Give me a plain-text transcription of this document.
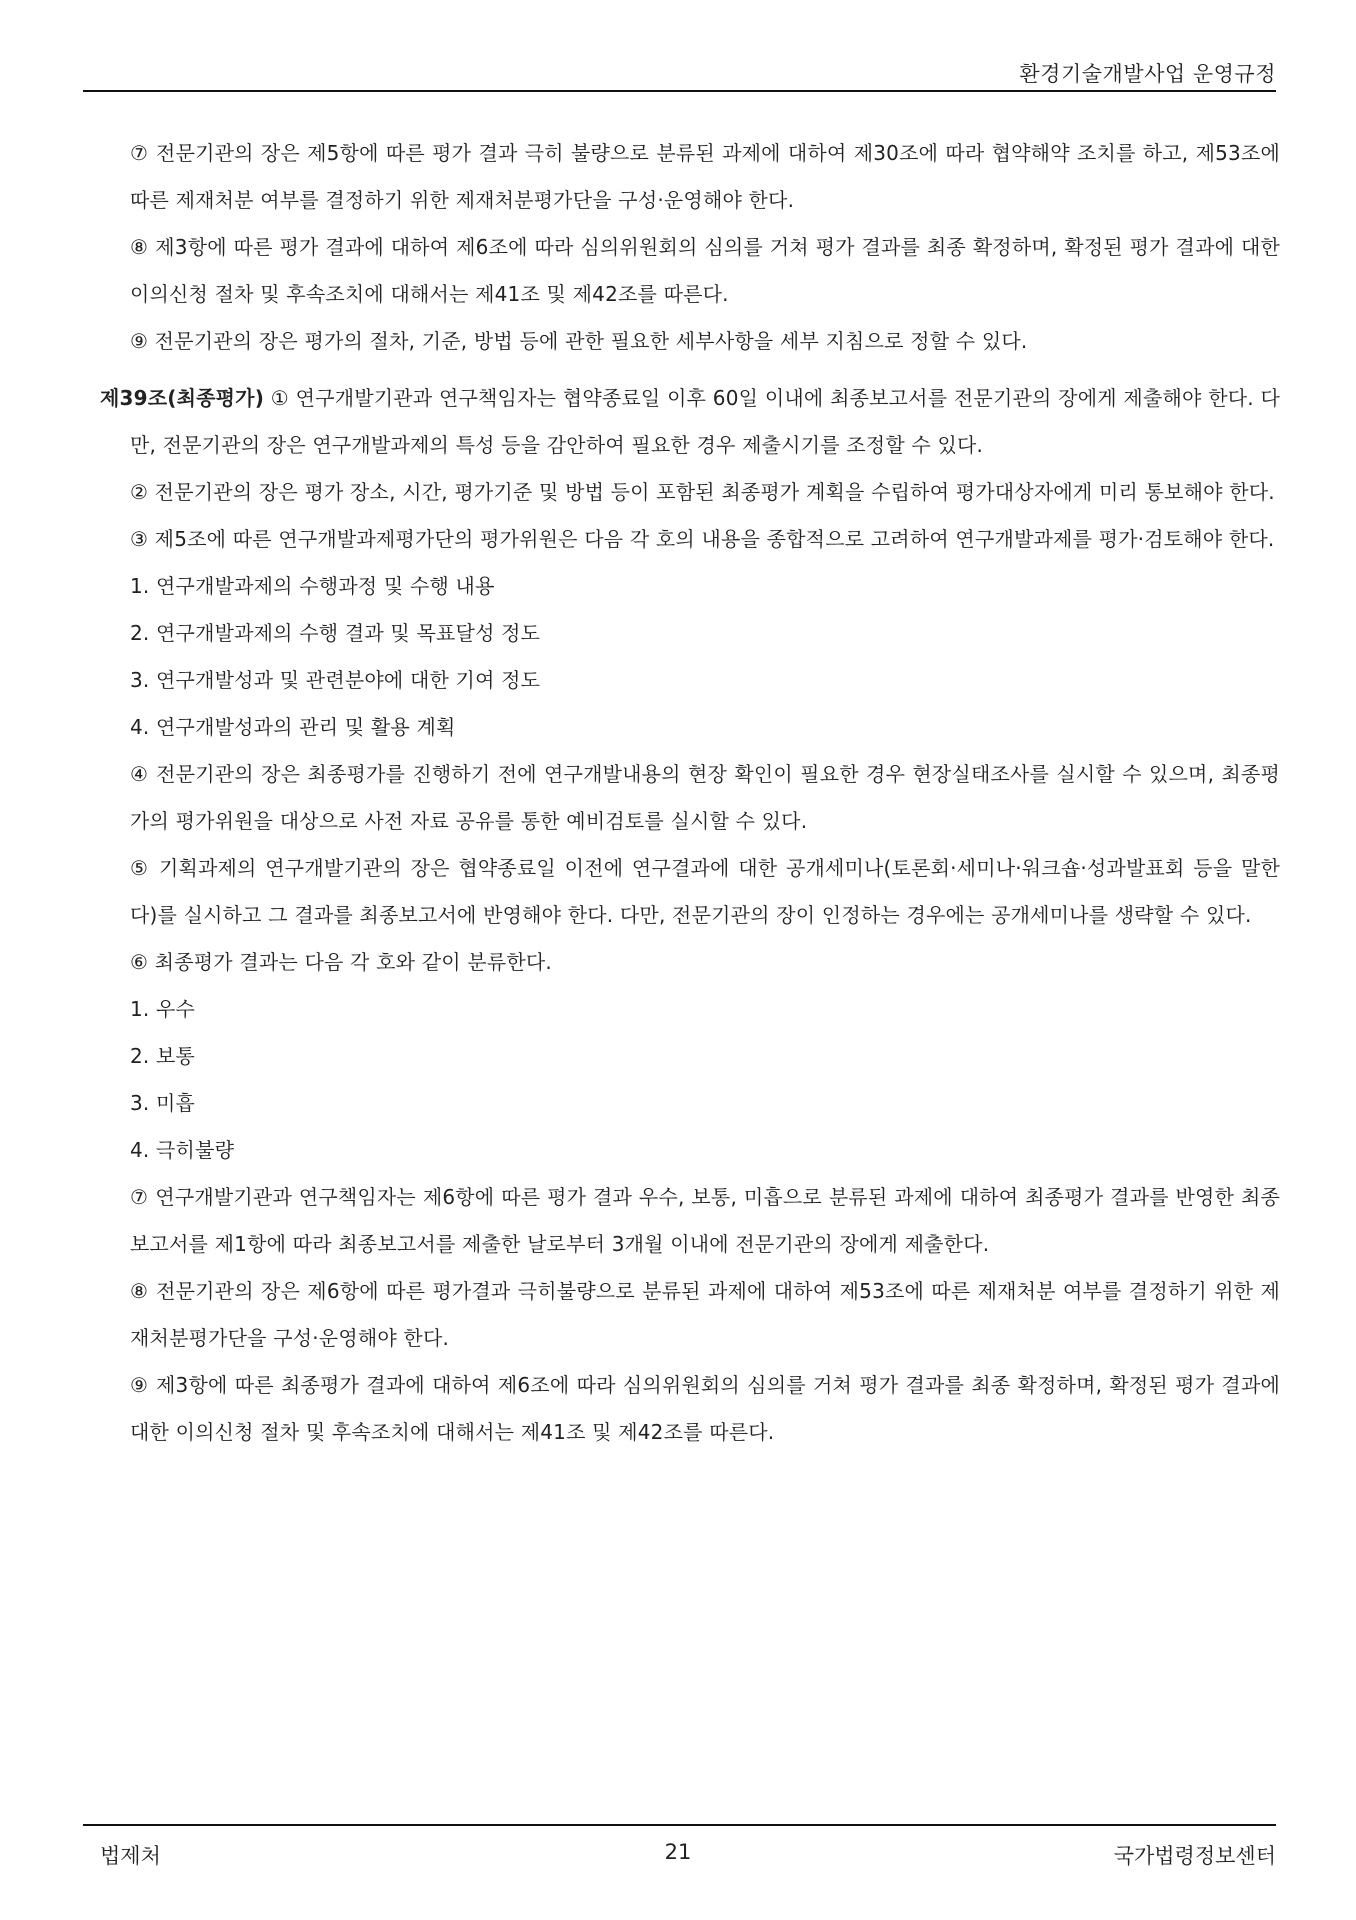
환경기술개발사업 운영규정
⑦ 전문기관의 장은 제5항에 따른 평가 결과 극히 불량으로 분류된 과제에 대하여 제30조에 따라 협약해약 조치를 하고, 제53조에 따른 제재처분 여부를 결정하기 위한 제재처분평가단을 구성·운영해야 한다.
⑧ 제3항에 따른 평가 결과에 대하여 제6조에 따라 심의위원회의 심의를 거쳐 평가 결과를 최종 확정하며, 확정된 평가 결과에 대한 이의신청 절차 및 후속조치에 대해서는 제41조 및 제42조를 따른다.
⑨ 전문기관의 장은 평가의 절차, 기준, 방법 등에 관한 필요한 세부사항을 세부 지침으로 정할 수 있다.
제39조(최종평가) ① 연구개발기관과 연구책임자는 협약종료일 이후 60일 이내에 최종보고서를 전문기관의 장에게 제출해야 한다. 다만, 전문기관의 장은 연구개발과제의 특성 등을 감안하여 필요한 경우 제출시기를 조정할 수 있다.
② 전문기관의 장은 평가 장소, 시간, 평가기준 및 방법 등이 포함된 최종평가 계획을 수립하여 평가대상자에게 미리 통보해야 한다.
③ 제5조에 따른 연구개발과제평가단의 평가위원은 다음 각 호의 내용을 종합적으로 고려하여 연구개발과제를 평가·검토해야 한다.
1. 연구개발과제의 수행과정 및 수행 내용
2. 연구개발과제의 수행 결과 및 목표달성 정도
3. 연구개발성과 및 관련분야에 대한 기여 정도
4. 연구개발성과의 관리 및 활용 계획
④ 전문기관의 장은 최종평가를 진행하기 전에 연구개발내용의 현장 확인이 필요한 경우 현장실태조사를 실시할 수 있으며, 최종평가의 평가위원을 대상으로 사전 자료 공유를 통한 예비검토를 실시할 수 있다.
⑤ 기획과제의 연구개발기관의 장은 협약종료일 이전에 연구결과에 대한 공개세미나(토론회·세미나·워크숍·성과발표회 등을 말한다)를 실시하고 그 결과를 최종보고서에 반영해야 한다. 다만, 전문기관의 장이 인정하는 경우에는 공개세미나를 생략할 수 있다.
⑥ 최종평가 결과는 다음 각 호와 같이 분류한다.
1. 우수
2. 보통
3. 미흡
4. 극히불량
⑦ 연구개발기관과 연구책임자는 제6항에 따른 평가 결과 우수, 보통, 미흡으로 분류된 과제에 대하여 최종평가 결과를 반영한 최종보고서를 제1항에 따라 최종보고서를 제출한 날로부터 3개월 이내에 전문기관의 장에게 제출한다.
⑧ 전문기관의 장은 제6항에 따른 평가결과 극히불량으로 분류된 과제에 대하여 제53조에 따른 제재처분 여부를 결정하기 위한 제재처분평가단을 구성·운영해야 한다.
⑨ 제3항에 따른 최종평가 결과에 대하여 제6조에 따라 심의위원회의 심의를 거쳐 평가 결과를 최종 확정하며, 확정된 평가 결과에 대한 이의신청 절차 및 후속조치에 대해서는 제41조 및 제42조를 따른다.
법제처	21	국가법령정보센터
